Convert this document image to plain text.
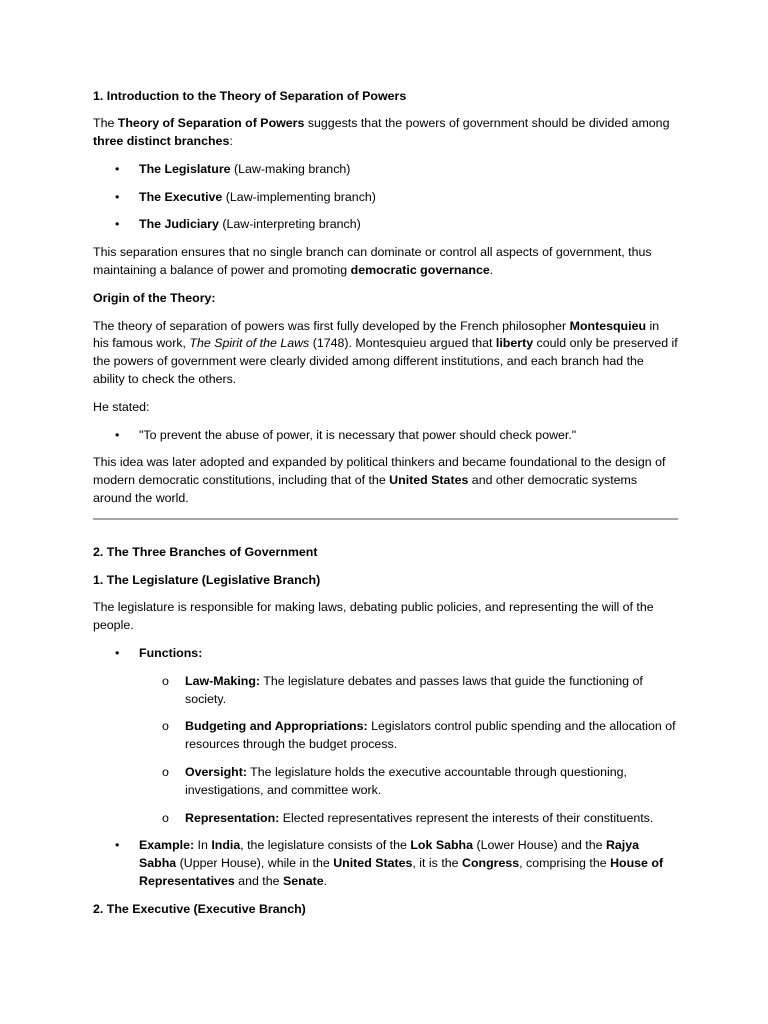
1. Introduction to the Theory of Separation of Powers

The Theory of Separation of Powers suggests that the powers of government should be divided among three distinct branches:

•	The Legislature (Law-making branch)
•	The Executive (Law-implementing branch)
•	The Judiciary (Law-interpreting branch)

This separation ensures that no single branch can dominate or control all aspects of government, thus maintaining a balance of power and promoting democratic governance.

Origin of the Theory:

The theory of separation of powers was first fully developed by the French philosopher Montesquieu in his famous work, The Spirit of the Laws (1748). Montesquieu argued that liberty could only be preserved if the powers of government were clearly divided among different institutions, and each branch had the ability to check the others.

He stated:

•	"To prevent the abuse of power, it is necessary that power should check power."

This idea was later adopted and expanded by political thinkers and became foundational to the design of modern democratic constitutions, including that of the United States and other democratic systems around the world.

2. The Three Branches of Government

1. The Legislature (Legislative Branch)

The legislature is responsible for making laws, debating public policies, and representing the will of the people.

•	Functions:
o Law-Making: The legislature debates and passes laws that guide the functioning of society.
o Budgeting and Appropriations: Legislators control public spending and the allocation of resources through the budget process.
o Oversight: The legislature holds the executive accountable through questioning, investigations, and committee work.
o Representation: Elected representatives represent the interests of their constituents.
•	Example: In India, the legislature consists of the Lok Sabha (Lower House) and the Rajya Sabha (Upper House), while in the United States, it is the Congress, comprising the House of Representatives and the Senate.

2. The Executive (Executive Branch)
